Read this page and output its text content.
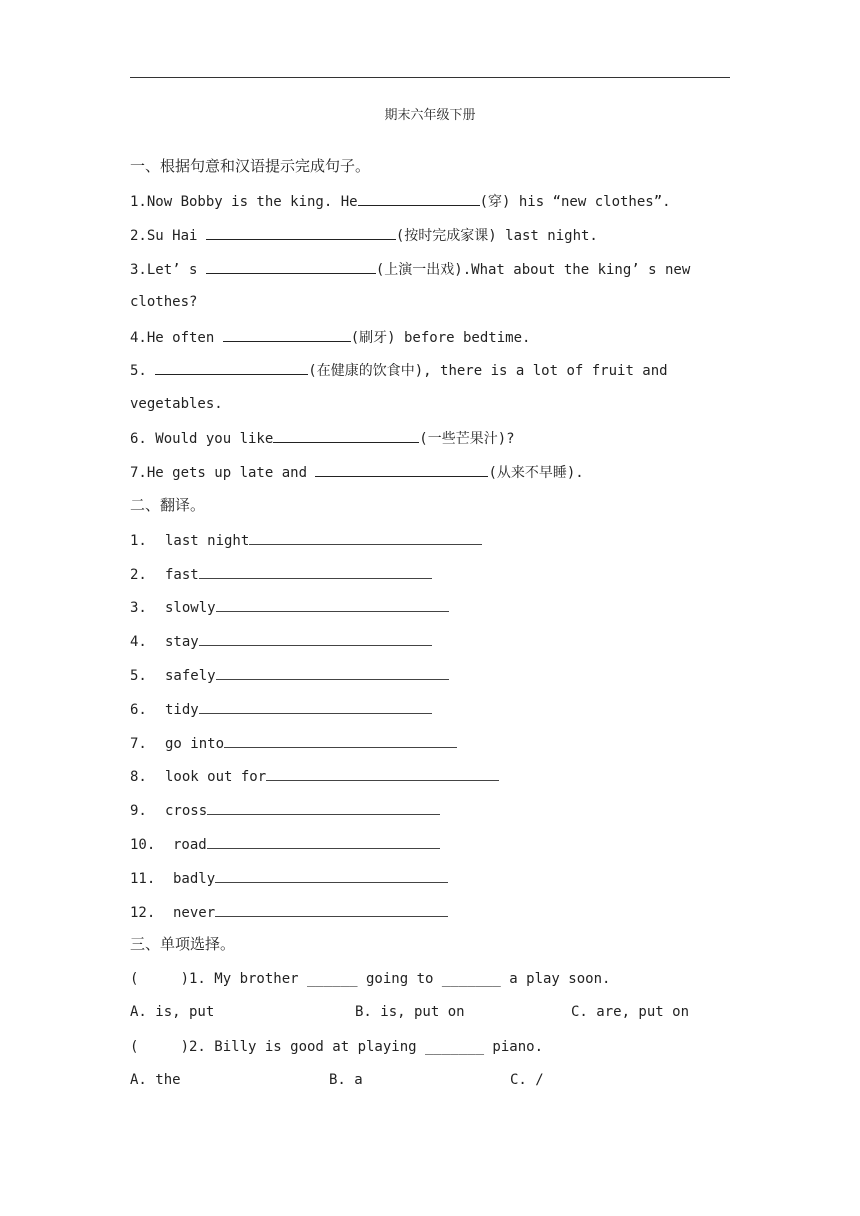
期末六年级下册
一、根据句意和汉语提示完成句子。
1.Now Bobby is the king. He	(穿) his “new clothes”.
2.Su Hai	(按时完成家课) last night.
3.Let’ s	(上演一出戏).What about the king’ s new
clothes?
4.He often	(刷牙) before bedtime.
5.	(在健康的饮食中), there is a lot of fruit and
vegetables.
6. Would you like	(一些芒果汁)?
7.He gets up late and	(从来不早睡).
二、翻译。
1. last night
2. fast
3. slowly
4. stay
5. safely
6. tidy
7. go into
8. look out for
9. cross
10. road
11. badly
12. never
三、单项选择。
(     )1. My brother ______ going to _______ a play soon.
A. is, put	B. is, put on	C. are, put on
(     )2. Billy is good at playing _______ piano.
A. the	B. a	C. /
